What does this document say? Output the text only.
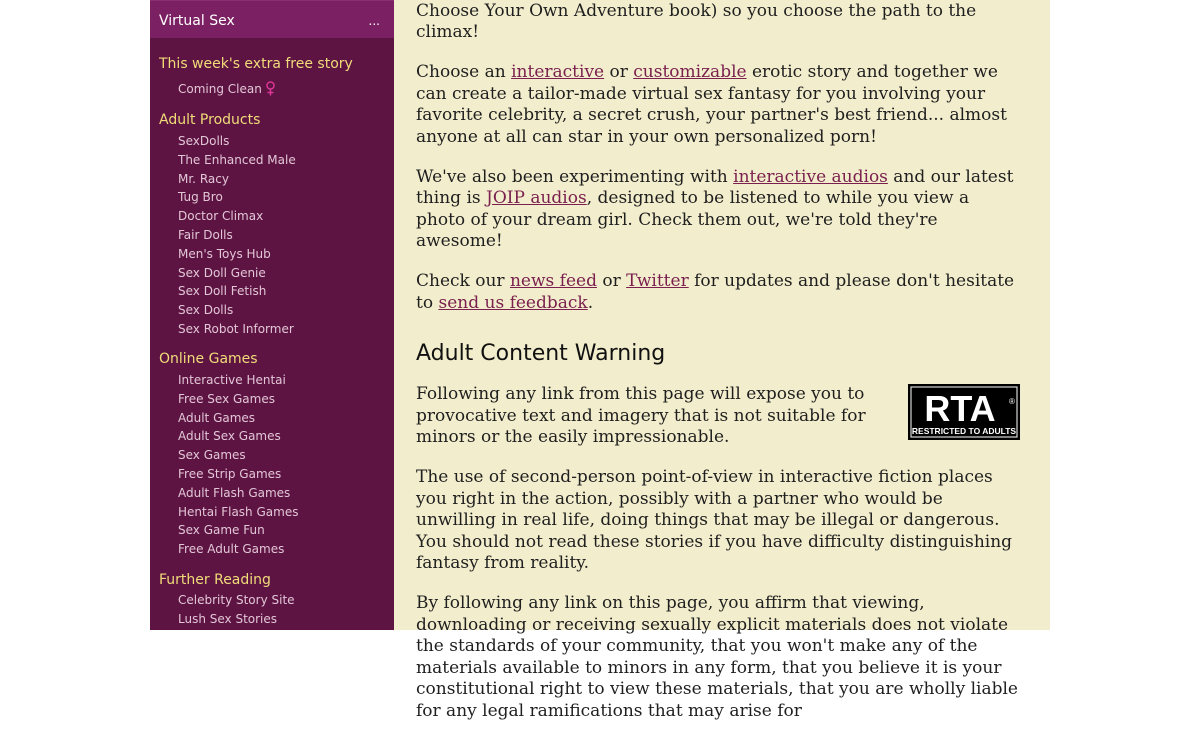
Virtual Sex	...
This week's extra free story
Coming Clean
Adult Products
SexDolls
The Enhanced Male
Mr. Racy
Tug Bro
Doctor Climax
Fair Dolls
Men's Toys Hub
Sex Doll Genie
Sex Doll Fetish
Sex Dolls
Sex Robot Informer
Online Games
Interactive Hentai
Free Sex Games
Adult Games
Adult Sex Games
Sex Games
Free Strip Games
Adult Flash Games
Hentai Flash Games
Sex Game Fun
Free Adult Games
Further Reading
Celebrity Story Site
Lush Sex Stories

Choose Your Own Adventure book) so you choose the path to the climax!

Choose an interactive or customizable erotic story and together we can create a tailor-made virtual sex fantasy for you involving your favorite celebrity, a secret crush, your partner's best friend... almost anyone at all can star in your own personalized porn!

We've also been experimenting with interactive audios and our latest thing is JOIP audios, designed to be listened to while you view a photo of your dream girl. Check them out, we're told they're awesome!

Check our news feed or Twitter for updates and please don't hesitate to send us feedback.

Adult Content Warning
RTA ®
RESTRICTED TO ADULTS

Following any link from this page will expose you to provocative text and imagery that is not suitable for minors or the easily impressionable.

The use of second-person point-of-view in interactive fiction places you right in the action, possibly with a partner who would be unwilling in real life, doing things that may be illegal or dangerous. You should not read these stories if you have difficulty distinguishing fantasy from reality.

By following any link on this page, you affirm that viewing, downloading or receiving sexually explicit materials does not violate the standards of your community, that you won't make any of the materials available to minors in any form, that you believe it is your constitutional right to view these materials, that you are wholly liable for any legal ramifications that may arise for
